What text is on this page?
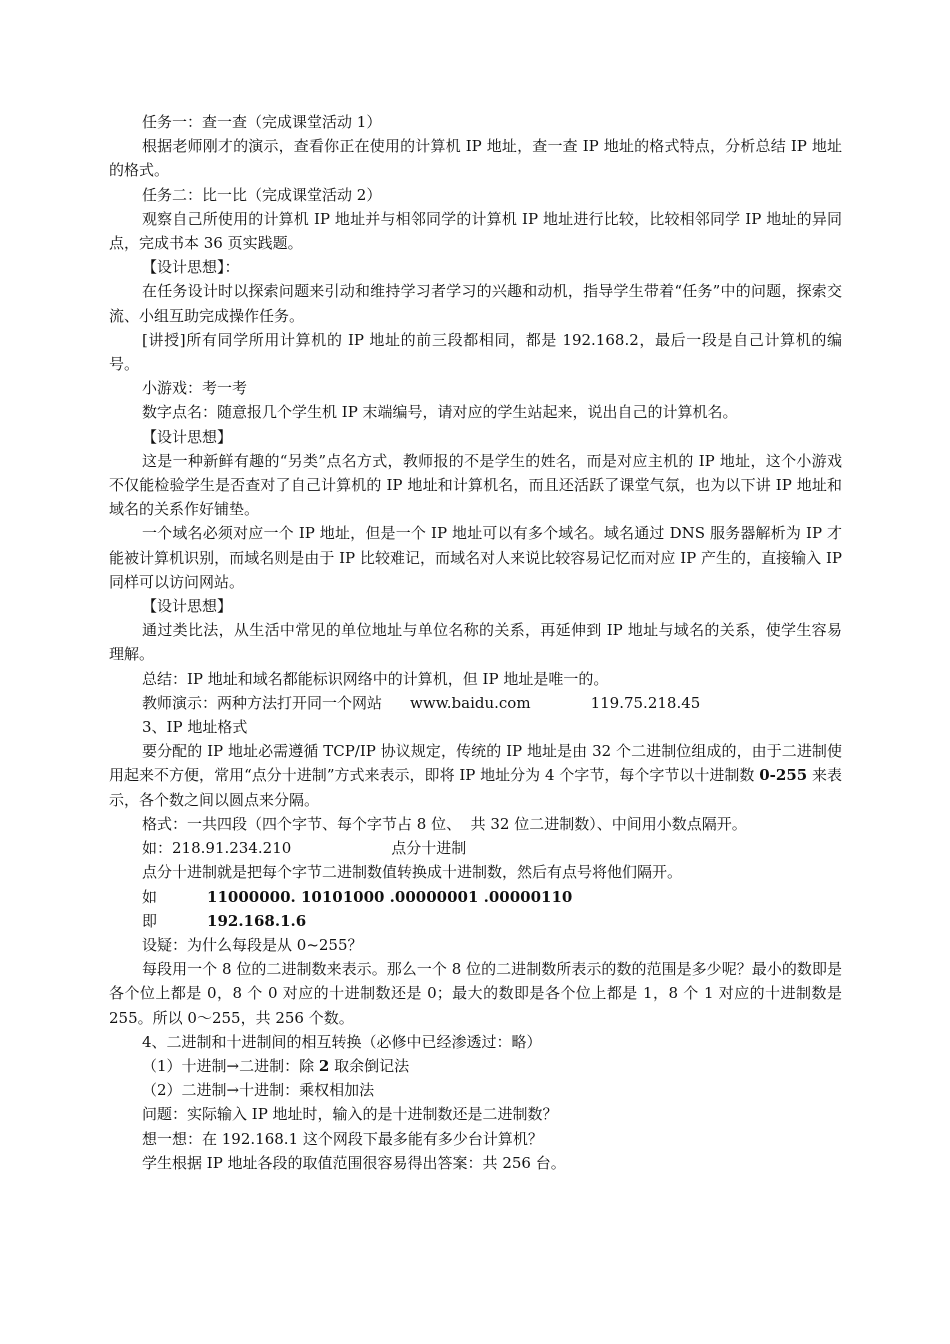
任务一：查一查（完成课堂活动 1）

根据老师刚才的演示，查看你正在使用的计算机 IP 地址，查一查 IP 地址的格式特点，分析总结 IP 地址的格式。

任务二：比一比（完成课堂活动 2）

观察自己所使用的计算机 IP 地址并与相邻同学的计算机 IP 地址进行比较，比较相邻同学 IP 地址的异同点，完成书本 36 页实践题。

【设计思想】：

在任务设计时以探索问题来引动和维持学习者学习的兴趣和动机，指导学生带着“任务”中的问题，探索交流、小组互助完成操作任务。

[讲授]所有同学所用计算机的 IP 地址的前三段都相同，都是 192.168.2，最后一段是自己计算机的编号。

小游戏：考一考

数字点名：随意报几个学生机 IP 末端编号，请对应的学生站起来，说出自己的计算机名。

【设计思想】

这是一种新鲜有趣的“另类”点名方式，教师报的不是学生的姓名，而是对应主机的 IP 地址，这个小游戏不仅能检验学生是否查对了自己计算机的 IP 地址和计算机名，而且还活跃了课堂气氛，也为以下讲 IP 地址和域名的关系作好铺垫。

一个域名必须对应一个 IP 地址，但是一个 IP 地址可以有多个域名。域名通过 DNS 服务器解析为 IP 才能被计算机识别，而域名则是由于 IP 比较难记，而域名对人来说比较容易记忆而对应 IP 产生的，直接输入 IP 同样可以访问网站。

【设计思想】

通过类比法，从生活中常见的单位地址与单位名称的关系，再延伸到 IP 地址与域名的关系，使学生容易理解。

总结：IP 地址和域名都能标识网络中的计算机，但 IP 地址是唯一的。

教师演示：两种方法打开同一个网站 www.baidu.com	119.75.218.45

3、IP 地址格式

要分配的 IP 地址必需遵循 TCP/IP 协议规定，传统的 IP 地址是由 32 个二进制位组成的，由于二进制使用起来不方便，常用“点分十进制”方式来表示，即将 IP 地址分为 4 个字节，每个字节以十进制数 0-255 来表示，各个数之间以圆点来分隔。

格式：一共四段（四个字节、每个字节占 8 位、  共 32 位二进制数）、中间用小数点隔开。

如：218.91.234.210	点分十进制

点分十进制就是把每个字节二进制数值转换成十进制数，然后有点号将他们隔开。

如	11000000. 10101000 .00000001 .00000110

即	192.168.1.6

设疑：为什么每段是从 0~255？

每段用一个 8 位的二进制数来表示。那么一个 8 位的二进制数所表示的数的范围是多少呢？最小的数即是各个位上都是 0，8 个 0 对应的十进制数还是 0；最大的数即是各个位上都是 1，8 个 1 对应的十进制数是 255。所以 0～255，共 256 个数。

4、二进制和十进制间的相互转换（必修中已经渗透过：略）

（1）十进制→二进制：除 2 取余倒记法

（2）二进制→十进制：乘权相加法

问题：实际输入 IP 地址时，输入的是十进制数还是二进制数？

想一想：在 192.168.1 这个网段下最多能有多少台计算机？

学生根据 IP 地址各段的取值范围很容易得出答案：共 256 台。
